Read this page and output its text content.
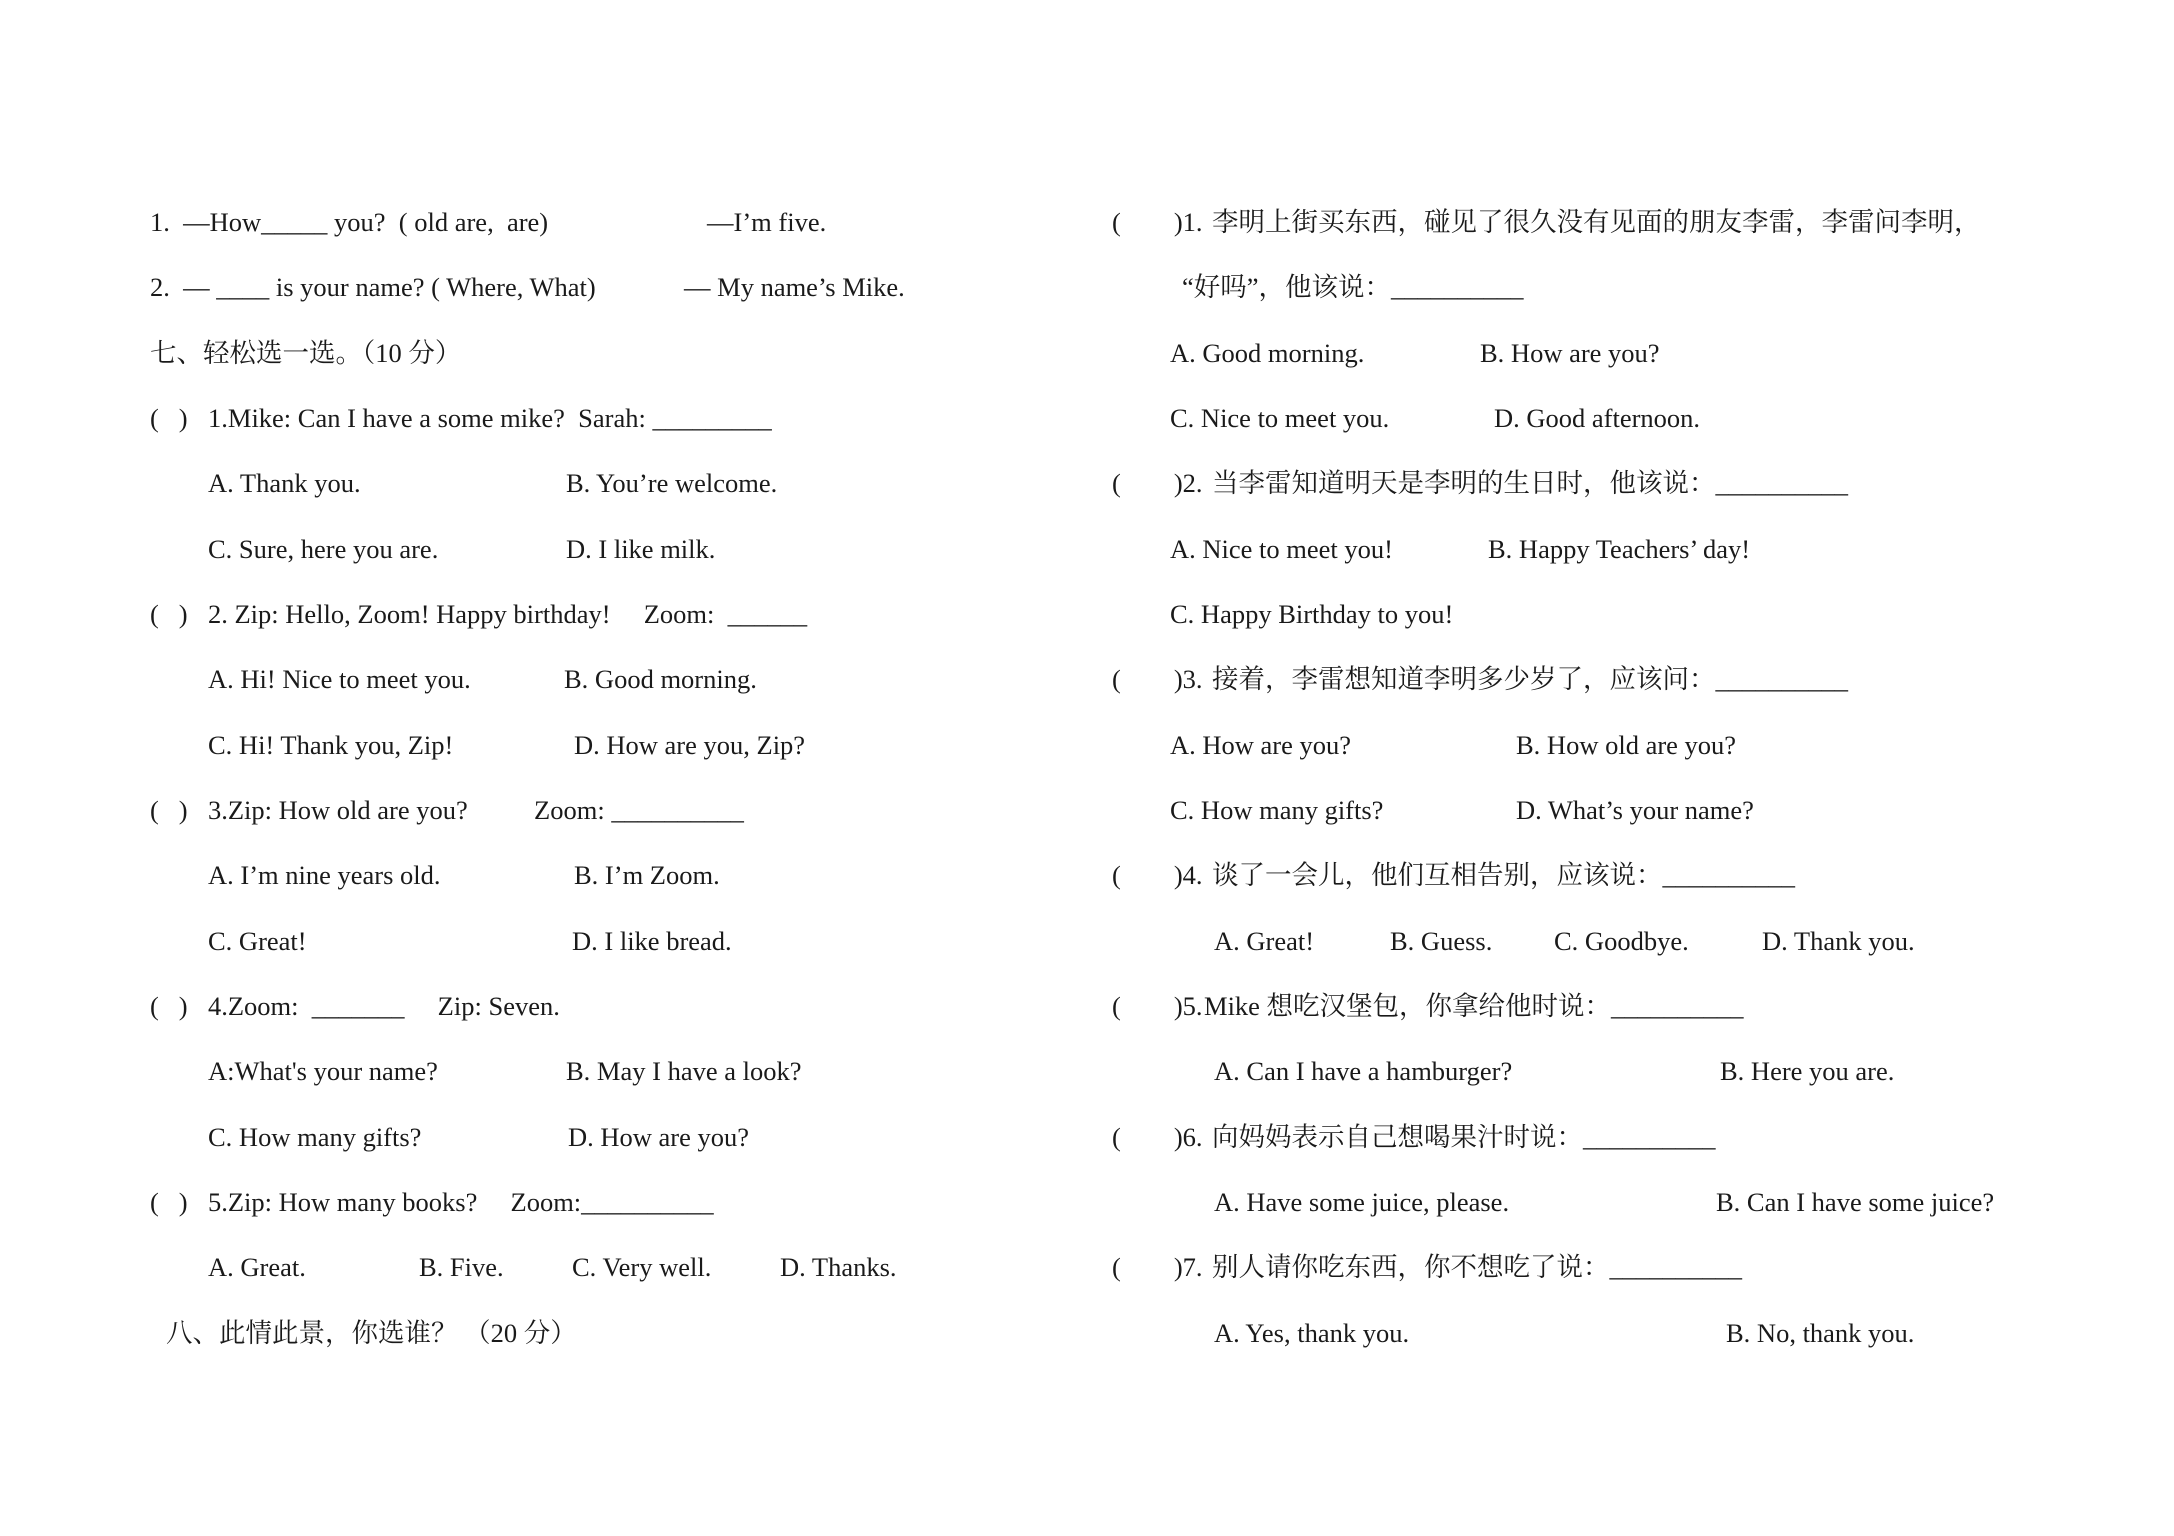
1.  —How_____ you?  ( old are,  are)

	—I’m five.

2.  — ____ is your name? ( Where, What)

	— My name’s Mike.

七、轻松选一选。（10 分）

(   )

1.Mike: Can I have a some mike?  Sarah: _________

A. Thank you.

	B. You’re welcome.

C. Sure, here you are.

	D. I like milk.

(   )

2. Zip: Hello, Zoom! Happy birthday!     Zoom:  ______

A. Hi! Nice to meet you.

	B. Good morning.

C. Hi! Thank you, Zip!

	D. How are you, Zip?

(   )

3.Zip: How old are you?          Zoom: __________

A. I’m nine years old.

	B. I’m Zoom.

C. Great!

	D. I like bread.

(   )

4.Zoom:  _______     Zip: Seven.

A:What's your name?

	B. May I have a look?

C. How many gifts?

	D. How are you?

(   )

5.Zip: How many books?     Zoom:__________

A. Great.

	B. Five.

	C. Very well.

	D. Thanks.

八、此情此景，你选谁？ （20 分）

(        )1.

李明上街买东西，碰见了很久没有见面的朋友李雷，李雷问李明，

“好吗”，他该说：__________

A. Good morning.

	B. How are you?

C. Nice to meet you.

	D. Good afternoon.

(        )2.

当李雷知道明天是李明的生日时，他该说：__________

A. Nice to meet you!

	B. Happy Teachers’ day!

C. Happy Birthday to you!

(        )3.

接着，李雷想知道李明多少岁了，应该问：__________

A. How are you?

	B. How old are you?

C. How many gifts?

	D. What’s your name?

(        )4.

谈了一会儿，他们互相告别，应该说：__________

A. Great!

	B. Guess.

C. Goodbye.

	D. Thank you.

(        )5.

Mike 想吃汉堡包，你拿给他时说：__________

A. Can I have a hamburger?

	B. Here you are.

(        )6.

向妈妈表示自己想喝果汁时说：__________

A. Have some juice, please.

	B. Can I have some juice?

(        )7.

别人请你吃东西，你不想吃了说：__________

A. Yes, thank you.

	B. No, thank you.
